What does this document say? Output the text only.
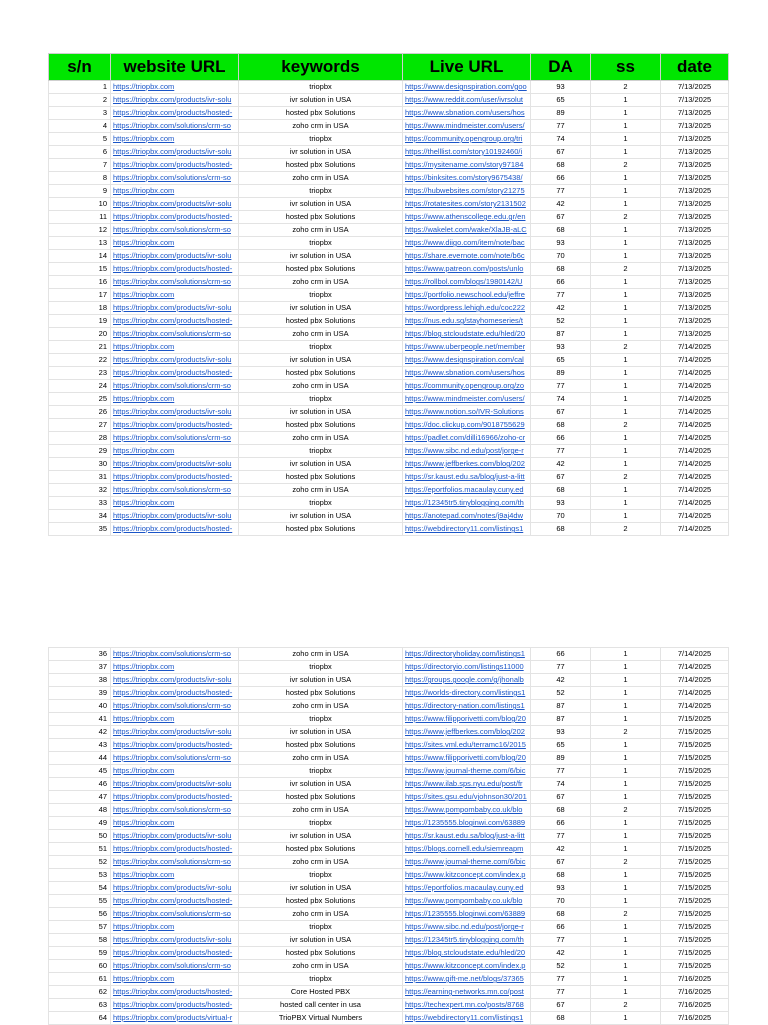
s/n	website URL	keywords	Live URL	DA	ss	date
1	https://triopbx.com	triopbx	https://www.designspiration.com/goo	93	2	7/13/2025
2	https://triopbx.com/products/ivr-solu	ivr solution in USA	https://www.reddit.com/user/ivrsolut	65	1	7/13/2025
3	https://triopbx.com/products/hosted-	hosted pbx Solutions	https://www.sbnation.com/users/hos	89	1	7/13/2025
4	https://triopbx.com/solutions/crm-so	zoho crm in USA	https://www.mindmeister.com/users/	77	1	7/13/2025
5	https://triopbx.com	triopbx	https://community.opengroup.org/tri	74	1	7/13/2025
6	https://triopbx.com/products/ivr-solu	ivr solution in USA	https://thelllist.com/story10192460/i	67	1	7/13/2025
7	https://triopbx.com/products/hosted-	hosted pbx Solutions	https://mysitename.com/story97184	68	2	7/13/2025
8	https://triopbx.com/solutions/crm-so	zoho crm in USA	https://binksites.com/story9675438/	66	1	7/13/2025
9	https://triopbx.com	triopbx	https://hubwebsites.com/story21275	77	1	7/13/2025
10	https://triopbx.com/products/ivr-solu	ivr solution in USA	https://rotatesites.com/story2131502	42	1	7/13/2025
11	https://triopbx.com/products/hosted-	hosted pbx Solutions	https://www.athenscollege.edu.gr/en	67	2	7/13/2025
12	https://triopbx.com/solutions/crm-so	zoho crm in USA	https://wakelet.com/wake/XlaJB-aLC	68	1	7/13/2025
13	https://triopbx.com	triopbx	https://www.diigo.com/item/note/bac	93	1	7/13/2025
14	https://triopbx.com/products/ivr-solu	ivr solution in USA	https://share.evernote.com/note/b6c	70	1	7/13/2025
15	https://triopbx.com/products/hosted-	hosted pbx Solutions	https://www.patreon.com/posts/unlo	68	2	7/13/2025
16	https://triopbx.com/solutions/crm-so	zoho crm in USA	https://rollbol.com/blogs/1980142/U	66	1	7/13/2025
17	https://triopbx.com	triopbx	https://portfolio.newschool.edu/jeffre	77	1	7/13/2025
18	https://triopbx.com/products/ivr-solu	ivr solution in USA	https://wordpress.lehigh.edu/coc222	42	1	7/13/2025
19	https://triopbx.com/products/hosted-	hosted pbx Solutions	https://nus.edu.sg/stayhomeseries/t	52	1	7/13/2025
20	https://triopbx.com/solutions/crm-so	zoho crm in USA	https://blog.stcloudstate.edu/hled/20	87	1	7/13/2025
21	https://triopbx.com	triopbx	https://www.uberpeople.net/member	93	2	7/14/2025
22	https://triopbx.com/products/ivr-solu	ivr solution in USA	https://www.designspiration.com/cal	65	1	7/14/2025
23	https://triopbx.com/products/hosted-	hosted pbx Solutions	https://www.sbnation.com/users/hos	89	1	7/14/2025
24	https://triopbx.com/solutions/crm-so	zoho crm in USA	https://community.opengroup.org/zo	77	1	7/14/2025
25	https://triopbx.com	triopbx	https://www.mindmeister.com/users/	74	1	7/14/2025
26	https://triopbx.com/products/ivr-solu	ivr solution in USA	https://www.notion.so/IVR-Solutions	67	1	7/14/2025
27	https://triopbx.com/products/hosted-	hosted pbx Solutions	https://doc.clickup.com/9018755629	68	2	7/14/2025
28	https://triopbx.com/solutions/crm-so	zoho crm in USA	https://padlet.com/dilli16966/zoho-cr	66	1	7/14/2025
29	https://triopbx.com	triopbx	https://www.sibc.nd.edu/post/jorge-r	77	1	7/14/2025
30	https://triopbx.com/products/ivr-solu	ivr solution in USA	https://www.jeffberkes.com/blog/202	42	1	7/14/2025
31	https://triopbx.com/products/hosted-	hosted pbx Solutions	https://sr.kaust.edu.sa/blog/just-a-litt	67	2	7/14/2025
32	https://triopbx.com/solutions/crm-so	zoho crm in USA	https://eportfolios.macaulay.cuny.ed	68	1	7/14/2025
33	https://triopbx.com	triopbx	https://12345tr5.tinyblogging.com/th	93	1	7/14/2025
34	https://triopbx.com/products/ivr-solu	ivr solution in USA	https://anotepad.com/notes/j9aj4dw	70	1	7/14/2025
35	https://triopbx.com/products/hosted-	hosted pbx Solutions	https://webdirectory11.com/listings1	68	2	7/14/2025
36	https://triopbx.com/solutions/crm-so	zoho crm in USA	https://directoryholiday.com/listings1	66	1	7/14/2025
37	https://triopbx.com	triopbx	https://directoryio.com/listings11000	77	1	7/14/2025
38	https://triopbx.com/products/ivr-solu	ivr solution in USA	https://groups.google.com/g/jhonalb	42	1	7/14/2025
39	https://triopbx.com/products/hosted-	hosted pbx Solutions	https://worlds-directory.com/listings1	52	1	7/14/2025
40	https://triopbx.com/solutions/crm-so	zoho crm in USA	https://directory-nation.com/listings1	87	1	7/14/2025
41	https://triopbx.com	triopbx	https://www.filipporivetti.com/blog/20	87	1	7/15/2025
42	https://triopbx.com/products/ivr-solu	ivr solution in USA	https://www.jeffberkes.com/blog/202	93	2	7/15/2025
43	https://triopbx.com/products/hosted-	hosted pbx Solutions	https://sites.vml.edu/terramc16/2015	65	1	7/15/2025
44	https://triopbx.com/solutions/crm-so	zoho crm in USA	https://www.filipporivetti.com/blog/20	89	1	7/15/2025
45	https://triopbx.com	triopbx	https://www.journal-theme.com/6/bic	77	1	7/15/2025
46	https://triopbx.com/products/ivr-solu	ivr solution in USA	https://www.ilab.sps.nyu.edu/post/fr	74	1	7/15/2025
47	https://triopbx.com/products/hosted-	hosted pbx Solutions	https://sites.gsu.edu/vjohnson30/201	67	1	7/15/2025
48	https://triopbx.com/solutions/crm-so	zoho crm in USA	https://www.pompombaby.co.uk/blo	68	2	7/15/2025
49	https://triopbx.com	triopbx	https://1235555.bloginwi.com/63889	66	1	7/15/2025
50	https://triopbx.com/products/ivr-solu	ivr solution in USA	https://sr.kaust.edu.sa/blog/just-a-litt	77	1	7/15/2025
51	https://triopbx.com/products/hosted-	hosted pbx Solutions	https://blogs.cornell.edu/siemreapm	42	1	7/15/2025
52	https://triopbx.com/solutions/crm-so	zoho crm in USA	https://www.journal-theme.com/6/bic	67	2	7/15/2025
53	https://triopbx.com	triopbx	https://www.kitzconcept.com/index.p	68	1	7/15/2025
54	https://triopbx.com/products/ivr-solu	ivr solution in USA	https://eportfolios.macaulay.cuny.ed	93	1	7/15/2025
55	https://triopbx.com/products/hosted-	hosted pbx Solutions	https://www.pompombaby.co.uk/blo	70	1	7/15/2025
56	https://triopbx.com/solutions/crm-so	zoho crm in USA	https://1235555.bloginwi.com/63889	68	2	7/15/2025
57	https://triopbx.com	triopbx	https://www.sibc.nd.edu/post/jorge-r	66	1	7/15/2025
58	https://triopbx.com/products/ivr-solu	ivr solution in USA	https://12345tr5.tinyblogging.com/th	77	1	7/15/2025
59	https://triopbx.com/products/hosted-	hosted pbx Solutions	https://blog.stcloudstate.edu/hled/20	42	1	7/15/2025
60	https://triopbx.com/solutions/crm-so	zoho crm in USA	https://www.kitzconcept.com/index.p	52	1	7/15/2025
61	https://triopbx.com	triopbx	https://www.gift-me.net/blogs/37365	77	1	7/16/2025
62	https://triopbx.com/products/hosted-	Core Hosted PBX	https://earning-networks.mn.co/post	77	1	7/16/2025
63	https://triopbx.com/products/hosted-	hosted call center in usa	https://techexpert.mn.co/posts/8768	67	2	7/16/2025
64	https://triopbx.com/products/virtual-r	TrioPBX Virtual Numbers	https://webdirectory11.com/listings1	68	1	7/16/2025
